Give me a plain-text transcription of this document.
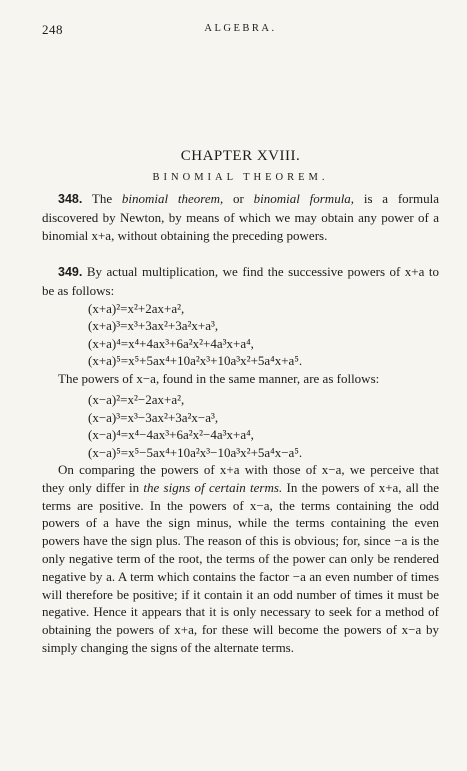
248	ALGEBRA.
CHAPTER XVIII.
BINOMIAL THEOREM.

348. The binomial theorem, or binomial formula, is a formula discovered by Newton, by means of which we may obtain any power of a binomial x+a, without obtaining the preceding powers.

349. By actual multiplication, we find the successive powers of x+a to be as follows:

(x+a)²=x²+2ax+a²,
(x+a)³=x³+3ax²+3a²x+a³,
(x+a)⁴=x⁴+4ax³+6a²x²+4a³x+a⁴,
(x+a)⁵=x⁵+5ax⁴+10a²x³+10a³x²+5a⁴x+a⁵.

The powers of x−a, found in the same manner, are as follows:

(x−a)²=x²−2ax+a²,
(x−a)³=x³−3ax²+3a²x−a³,
(x−a)⁴=x⁴−4ax³+6a²x²−4a³x+a⁴,
(x−a)⁵=x⁵−5ax⁴+10a²x³−10a³x²+5a⁴x−a⁵.

On comparing the powers of x+a with those of x−a, we perceive that they only differ in the signs of certain terms. In the powers of x+a, all the terms are positive. In the powers of x−a, the terms containing the odd powers of a have the sign minus, while the terms containing the even powers have the sign plus. The reason of this is obvious; for, since −a is the only negative term of the root, the terms of the power can only be rendered negative by a. A term which contains the factor −a an even number of times will therefore be positive; if it contain it an odd number of times it must be negative. Hence it appears that it is only necessary to seek for a method of obtaining the powers of x+a, for these will become the powers of x−a by simply changing the signs of the alternate terms.
